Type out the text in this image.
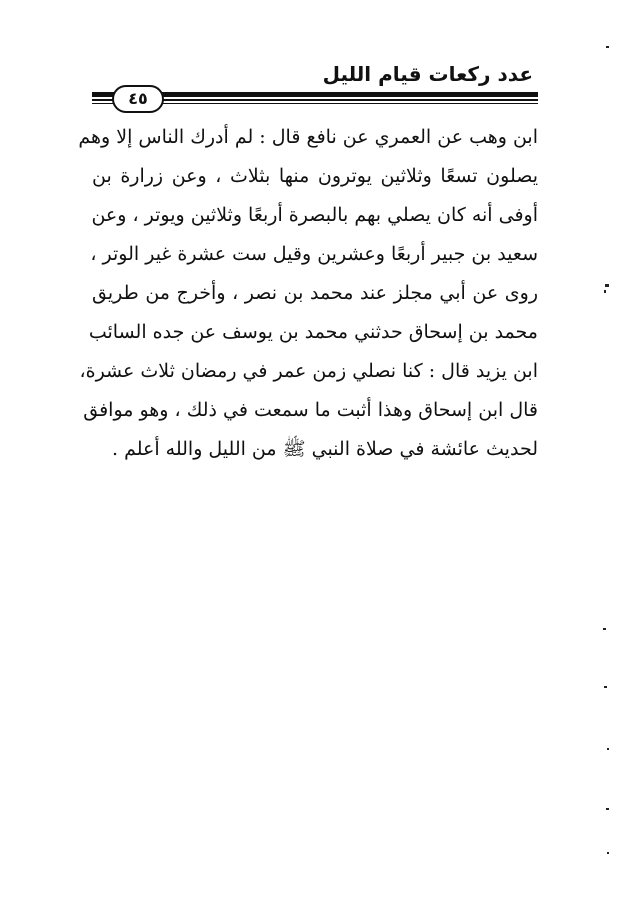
عدد ركعات قيام الليل
٤٥
ابن وهب عن العمري عن نافع قال : لم أدرك الناس إلا وهم
يصلون تسعًا وثلاثين يوترون منها بثلاث ، وعن زرارة بن
أوفى أنه كان يصلي بهم بالبصرة أربعًا وثلاثين ويوتر ، وعن
سعيد بن جبير أربعًا وعشرين وقيل ست عشرة غير الوتر ،
روى عن أبي مجلز عند محمد بن نصر ، وأخرج من طريق
محمد بن إسحاق حدثني محمد بن يوسف عن جده السائب
ابن يزيد قال : كنا نصلي زمن عمر في رمضان ثلاث عشرة،
قال ابن إسحاق وهذا أثبت ما سمعت في ذلك ، وهو موافق
لحديث عائشة في صلاة النبي ﷺ من الليل والله أعلم .
